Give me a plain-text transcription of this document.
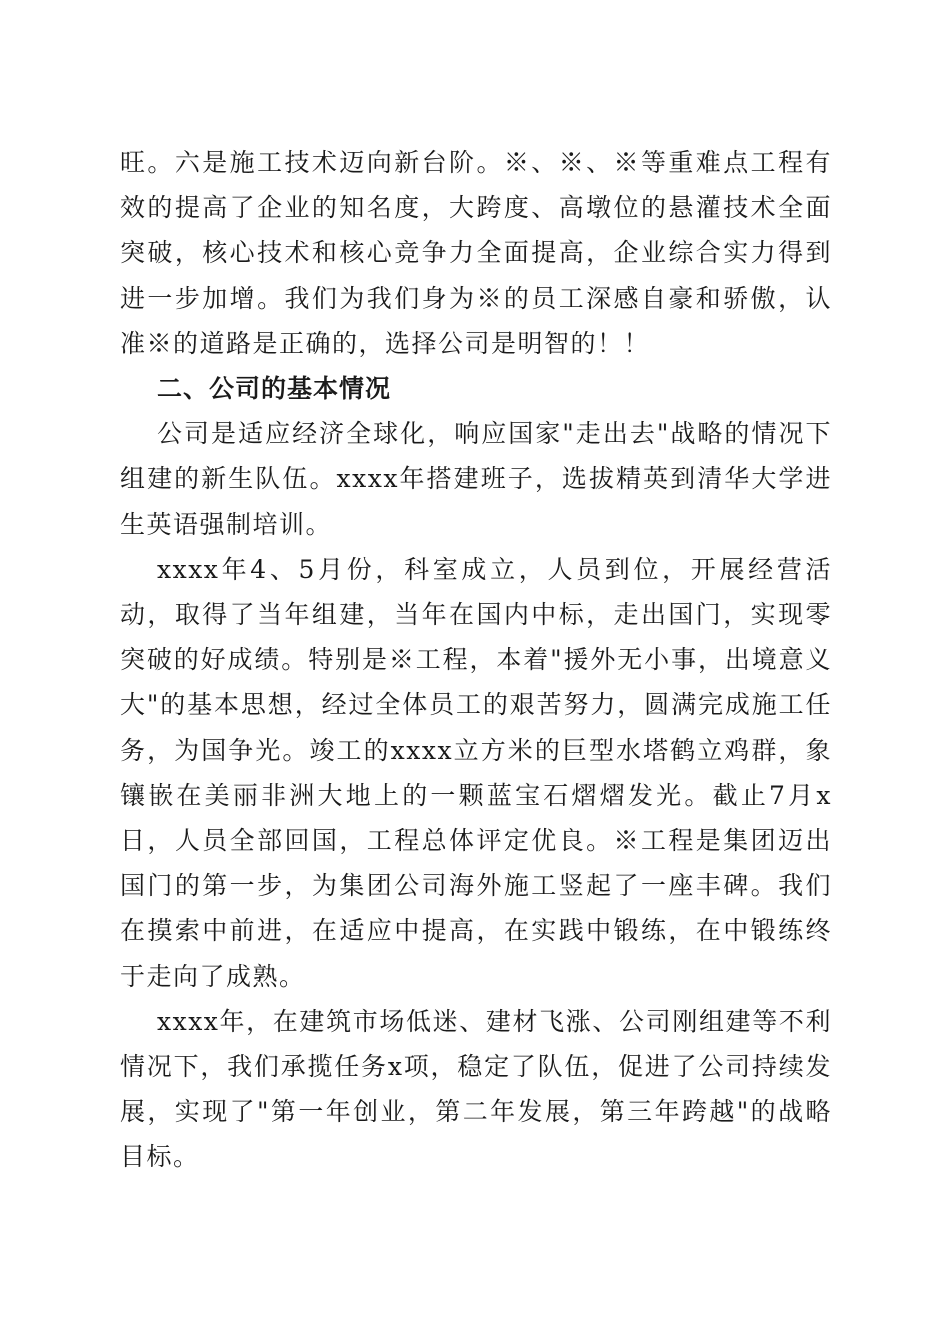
旺。六是施工技术迈向新台阶。※、※、※等重难点工程有效的提高了企业的知名度，大跨度、高墩位的悬灌技术全面突破，核心技术和核心竞争力全面提高，企业综合实力得到进一步加增。我们为我们身为※的员工深感自豪和骄傲，认准※的道路是正确的，选择公司是明智的！！

二、公司的基本情况

公司是适应经济全球化，响应国家"走出去"战略的情况下组建的新生队伍。xxxx年搭建班子，选拔精英到清华大学进生英语强制培训。

xxxx年4、5月份，科室成立，人员到位，开展经营活动，取得了当年组建，当年在国内中标，走出国门，实现零突破的好成绩。特别是※工程，本着"援外无小事，出境意义大"的基本思想，经过全体员工的艰苦努力，圆满完成施工任务，为国争光。竣工的xxxx立方米的巨型水塔鹤立鸡群，象镶嵌在美丽非洲大地上的一颗蓝宝石熠熠发光。截止7月x日，人员全部回国，工程总体评定优良。※工程是集团迈出国门的第一步，为集团公司海外施工竖起了一座丰碑。我们在摸索中前进，在适应中提高，在实践中锻练，在中锻练终于走向了成熟。

xxxx年，在建筑市场低迷、建材飞涨、公司刚组建等不利情况下，我们承揽任务x项，稳定了队伍，促进了公司持续发展，实现了"第一年创业，第二年发展，第三年跨越"的战略目标。
